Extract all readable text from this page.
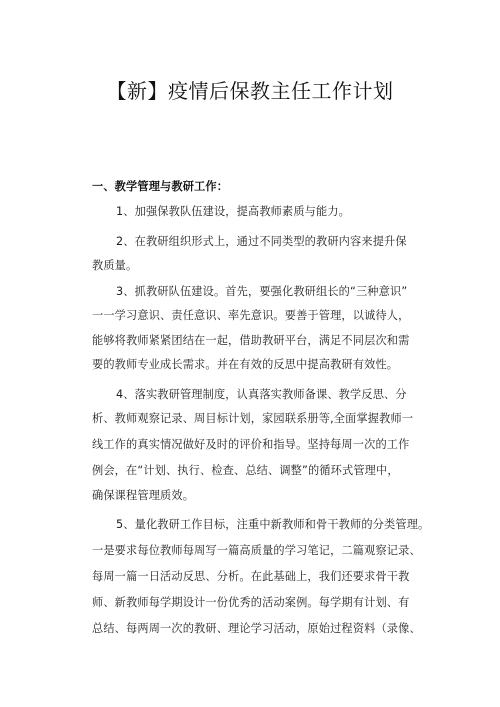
【新】疫情后保教主任工作计划
一、教学管理与教研工作：
1、加强保教队伍建设，提高教师素质与能力。
2、在教研组织形式上，通过不同类型的教研内容来提升保
教质量。
3、抓教研队伍建设。首先，要强化教研组长的“三种意识”
一一学习意识、责任意识、率先意识。要善于管理，以诚待人，
能够将教师紧紧团结在一起，借助教研平台，满足不同层次和需
要的教师专业成长需求。并在有效的反思中提高教研有效性。
4、落实教研管理制度，认真落实教师备课、教学反思、分
析、教师观察记录、周目标计划，家园联系册等,全面掌握教师一
线工作的真实情况做好及时的评价和指导。坚持每周一次的工作
例会，在“计划、执行、检查、总结、调整”的循环式管理中，
确保课程管理质效。
5、量化教研工作目标，注重中新教师和骨干教师的分类管理。
一是要求每位教师每周写一篇高质量的学习笔记，二篇观察记录、
每周一篇一日活动反思、分析。在此基础上，我们还要求骨干教
师、新教师每学期设计一份优秀的活动案例。每学期有计划、有
总结、每两周一次的教研、理论学习活动，原始过程资料（录像、
